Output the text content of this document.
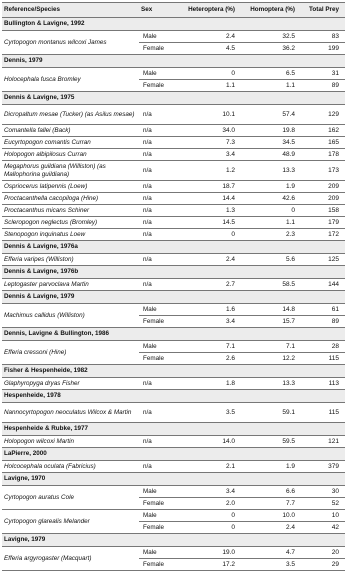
Reference/Species	Sex	Heteroptera (%)	Homoptera (%)	Total Prey
Bullington & Lavigne, 1992				
Cyrtopogon montanus wilcoxi James	Male	2.4	32.5	83
	Female	4.5	36.2	199
Dennis, 1979				
Holocephala fusca Bromley	Male	0	6.5	31
	Female	1.1	1.1	89
Dennis & Lavigne, 1975				
Dicropaltum mesae (Tucker) (as Asilus mesae)	n/a	10.1	57.4	129
Comantella fallei (Back)	n/a	34.0	19.8	162
Eucyrtopogon comantis Curran	n/a	7.3	34.5	165
Holopogon albipilosus Curran	n/a	3.4	48.9	178
Megaphorus guildiana (Williston) (as Mallophorina guildiana)	n/a	1.2	13.3	173
Ospriocerus latipennis (Loew)	n/a	18.7	1.9	209
Proctacanthella cacopiloga (Hine)	n/a	14.4	42.6	209
Proctacanthus micans Schiner	n/a	1.3	0	158
Scleropogon neglectus (Bromley)	n/a	14.5	1.1	179
Stenopogon inquinatus Loew	n/a	0	2.3	172
Dennis & Lavigne, 1976a				
Efferia varipes (Williston)	n/a	2.4	5.6	125
Dennis & Lavigne, 1976b				
Leptogaster parvoclava Martin	n/a	2.7	58.5	144
Dennis & Lavigne, 1979				
Machimus callidus (Williston)	Male	1.6	14.8	61
	Female	3.4	15.7	89
Dennis, Lavigne & Bullington, 1986				
Efferia cressoni (Hine)	Male	7.1	7.1	28
	Female	2.6	12.2	115
Fisher & Hespenheide, 1982				
Glaphyropyga dryas Fisher	n/a	1.8	13.3	113
Hespenheide, 1978				
Nannocyrtopogon neoculatus Wilcox & Martin	n/a	3.5	59.1	115
Hespenheide & Rubke, 1977				
Holopogon wilcoxi Martin	n/a	14.0	59.5	121
LaPierre, 2000				
Holcocephala oculata (Fabricius)	n/a	2.1	1.9	379
Lavigne, 1970				
Cyrtopogon auratus Cole	Male	3.4	6.6	30
	Female	2.0	7.7	52
Cyrtopogon glarealis Melander	Male	0	10.0	10
	Female	0	2.4	42
Lavigne, 1979				
Efferia argyrogaster (Macquart)	Male	19.0	4.7	20
	Female	17.2	3.5	29
